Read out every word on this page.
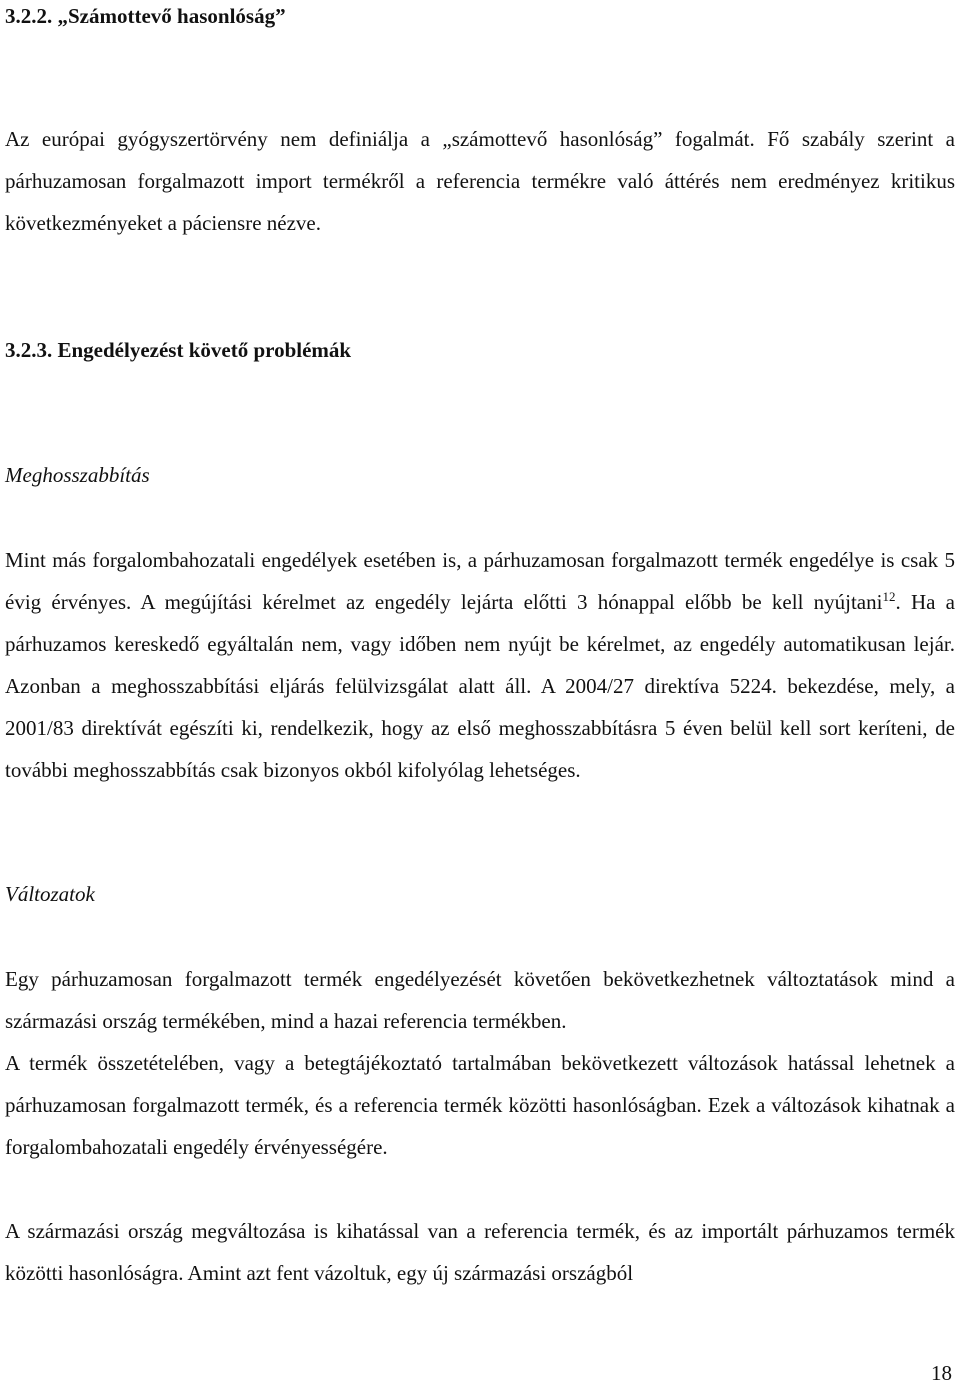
3.2.2. „Számottevő hasonlóság”

Az európai gyógyszertörvény nem definiálja a „számottevő hasonlóság” fogalmát. Fő szabály szerint a párhuzamosan forgalmazott import termékről a referencia termékre való áttérés nem eredményez kritikus következményeket a páciensre nézve.

3.2.3. Engedélyezést követő problémák
Meghosszabbítás

Mint más forgalombahozatali engedélyek esetében is, a párhuzamosan forgalmazott termék engedélye is csak 5 évig érvényes. A megújítási kérelmet az engedély lejárta előtti 3 hónappal előbb be kell nyújtani$^{12}$. Ha a párhuzamos kereskedő egyáltalán nem, vagy időben nem nyújt be kérelmet, az engedély automatikusan lejár. Azonban a meghosszabbítási eljárás felülvizsgálat alatt áll. A 2004/27 direktíva 5224. bekezdése, mely, a 2001/83 direktívát egészíti ki, rendelkezik, hogy az első meghosszabbításra 5 éven belül kell sort keríteni, de további meghosszabbítás csak bizonyos okból kifolyólag lehetséges.

Változatok

Egy párhuzamosan forgalmazott termék engedélyezését követően bekövetkezhetnek változtatások mind a származási ország termékében, mind a hazai referencia termékben.

A termék összetételében, vagy a betegtájékoztató tartalmában bekövetkezett változások hatással lehetnek a párhuzamosan forgalmazott termék, és a referencia termék közötti hasonlóságban. Ezek a változások kihatnak a forgalombahozatali engedély érvényességére.

A származási ország megváltozása is kihatással van a referencia termék, és az importált párhuzamos termék közötti hasonlóságra. Amint azt fent vázoltuk, egy új származási országból

18
